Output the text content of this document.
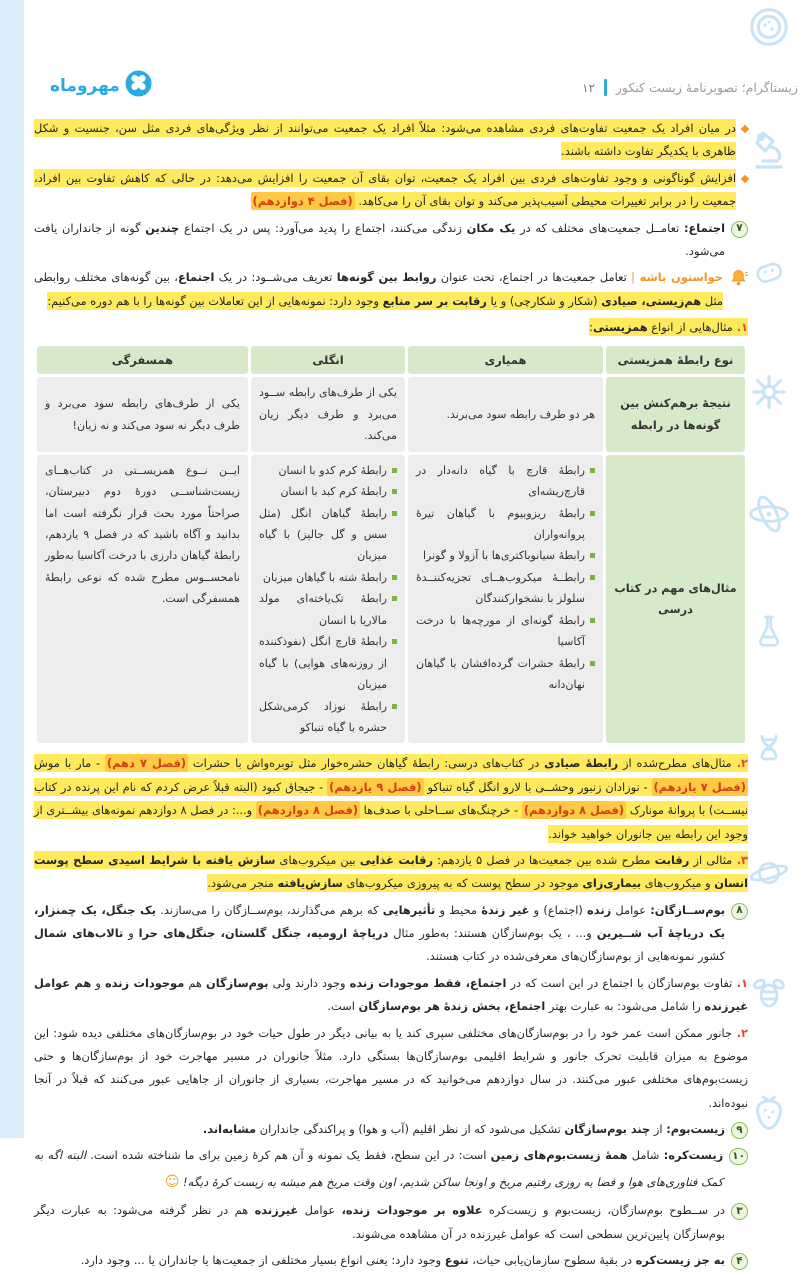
مهروماه	۱۲ زیستاگرام؛ تصویرنامهٔ زیست کنکور
در میان افراد یک جمعیت تفاوت‌های فردی مشاهده می‌شود: مثلاً افراد یک جمعیت می‌توانند از نظر ویژگی‌های فردی مثل سن، جنسیت و شکل ظاهری با یکدیگر تفاوت داشته باشند.
افزایش گوناگونی و وجود تفاوت‌های فردی بین افراد یک جمعیت، توان بقای آن جمعیت را افزایش می‌دهد: در حالی که کاهش تفاوت بین افراد، جمعیت را در برابر تغییرات محیطی آسیب‌پذیر می‌کند و توان بقای آن را می‌کاهد. (فصل ۴ دوازدهم)
۷
اجتماع: تعامــل جمعیت‌های مختلف که در یک مکان زندگی می‌کنند، اجتماع را پدید می‌آورد: پس در یک اجتماع چندین گونه از جانداران یافت می‌شود.
حواستون باشه | تعامل جمعیت‌ها در اجتماع، تحت عنوان روابط بین گونه‌ها تعریف می‌شــود: در یک اجتماع، بین گونه‌های مختلف روابطی مثل هم‌زیستی، صیادی (شکار و شکارچی) و یا رقابت بر سر منابع وجود دارد: نمونه‌هایی از این تعاملات بین گونه‌ها را با هم دوره می‌کنیم:
۱. مثال‌هایی از انواع همزیستی:
نوع رابطهٔ همزیستی
همیاری
انگلی
همسفرگی
نتیجهٔ برهم‌کنش بین گونه‌ها در رابطه
هر دو طرف رابطه سود می‌برند.
یکی از طرف‌های رابطه ســود می‌برد و طرف دیگر زیان می‌کند.
یکی از طرف‌های رابطه سود می‌برد و طرف دیگر نه سود می‌کند و نه زیان!
مثال‌های مهم در کتاب درسی
رابطهٔ قارچ با گیاه دانه‌دار در قارچ‌ریشه‌ای
رابطهٔ ریزوبیوم با گیاهان تیرهٔ پروانه‌واران
رابطهٔ سیانوباکتری‌ها با آزولا و گونرا
رابطــهٔ میکروب‌هــای تجزیه‌کننــدهٔ سلولز با نشخوارکنندگان
رابطهٔ گونه‌ای از مورچه‌ها با درخت آکاسیا
رابطهٔ حشرات گرده‌افشان با گیاهان نهان‌دانه
رابطهٔ کرم کدو با انسان
رابطهٔ کرم کبد با انسان
رابطهٔ گیاهان انگل (مثل سس و گل جالیز) با گیاه میزبان
رابطهٔ شته با گیاهان میزبان
رابطهٔ تک‌یاخته‌ای مولد مالاریا با انسان
رابطهٔ قارچ انگل (نفوذکننده از روزنه‌های هوایی) با گیاه میزبان
رابطهٔ نوزاد کرمی‌شکل حشره با گیاه تنباکو
ایــن نــوع همزیســتی در کتاب‌هــای زیست‌شناســی دورهٔ دوم دبیرستان، صراحتاً مورد بحث قرار نگرفته است اما بدانید و آگاه باشید که در فصل ۹ یازدهم، رابطهٔ گیاهان دارزی با درخت آکاسیا به‌طور نامحســوس مطرح شده که نوعی رابطهٔ همسفرگی است.
۲. مثال‌های مطرح‌شده از رابطهٔ صیادی در کتاب‌های درسی: رابطهٔ گیاهان حشره‌خوار مثل توبره‌واش با حشرات (فصل ۷ دهم) - مار با موش (فصل ۷ یازدهم) - نوزادان زنبور وحشــی با لارو انگل گیاه تنباکو (فصل ۹ یازدهم) - جیجاق کبود (البته قبلاً عرض کردم که نام این پرنده در کتاب نیســت) با پروانهٔ مونارک (فصل ۸ دوازدهم) - خرچنگ‌های ســاحلی با صدف‌ها (فصل ۸ دوازدهم) و...: در فصل ۸ دوازدهم نمونه‌های بیشــتری از وجود این رابطه بین جانوران خواهید خواند.
۳. مثالی از رقابت مطرح شده بین جمعیت‌ها در فصل ۵ یازدهم: رقابت غذایی بین میکروب‌های سازش یافته با شرایط اسیدی سطح پوست انسان و میکروب‌های بیماری‌زای موجود در سطح پوست که به پیروزی میکروب‌های سازش‌یافته منجر می‌شود.
۸
بوم‌ســازگان: عوامل زنده (اجتماع) و غیر زندهٔ محیط و تأثیرهایی که برهم می‌گذارند، بوم‌ســازگان را می‌سازند. یک جنگل، یک چمنزار، یک دریاچهٔ آب شــیرین و... ، یک بوم‌سازگان هستند: به‌طور مثال دریاچهٔ ارومیه، جنگل گلستان، جنگل‌های حرا و تالاب‌های شمال کشور نمونه‌هایی از بوم‌سازگان‌های معرفی‌شده در کتاب هستند.
۱. تفاوت بوم‌سازگان با اجتماع در این است که در اجتماع، فقط موجودات زنده وجود دارند ولی بوم‌سازگان هم موجودات زنده و هم عوامل غیرزنده را شامل می‌شود: به عبارت بهتر اجتماع، بخش زندهٔ هر بوم‌سازگان است.
۲. جانور ممکن است عمر خود را در بوم‌سازگان‌های مختلفی سپری کند یا به بیانی دیگر در طول حیات خود در بوم‌سازگان‌های مختلفی دیده شود: این موضوع به میزان قابلیت تحرک جانور و شرایط اقلیمی بوم‌سازگان‌ها بستگی دارد. مثلاً جانوران در مسیر مهاجرت خود از بوم‌سازگان‌ها و حتی زیست‌بوم‌های مختلفی عبور می‌کنند. در سال دوازدهم می‌خوانید که در مسیر مهاجرت، بسیاری از جانوران از جاهایی عبور می‌کنند که قبلاً در آنجا نبوده‌اند.
۹
زیست‌بوم: از چند بوم‌سازگان تشکیل می‌شود که از نظر اقلیم (آب و هوا) و پراکندگی جانداران مشابه‌اند.
۱۰
زیست‌کره: شامل همهٔ زیست‌بوم‌های زمین است: در این سطح، فقط یک نمونه و آن هم کرهٔ زمین برای ما شناخته شده است. البته اگه به کمک فناوری‌های هوا و فضا یه روزی رفتیم مریخ و اونجا ساکن شدیم، اون وقت مریخ هم میشه یه زیست کرهٔ دیگه! ☺
۳
در ســطوح بوم‌سازگان، زیست‌بوم و زیست‌کره علاوه بر موجودات زنده، عوامل غیرزنده هم در نظر گرفته می‌شود: به عبارت دیگر بوم‌سازگان پایین‌ترین سطحی است که عوامل غیرزنده در آن مشاهده می‌شوند.
۴
به جز زیست‌کره در بقیهٔ سطوح سازمان‌یابی حیات، تنوع وجود دارد: یعنی انواع بسیار مختلفی از جمعیت‌ها یا جانداران یا ... وجود دارد.
